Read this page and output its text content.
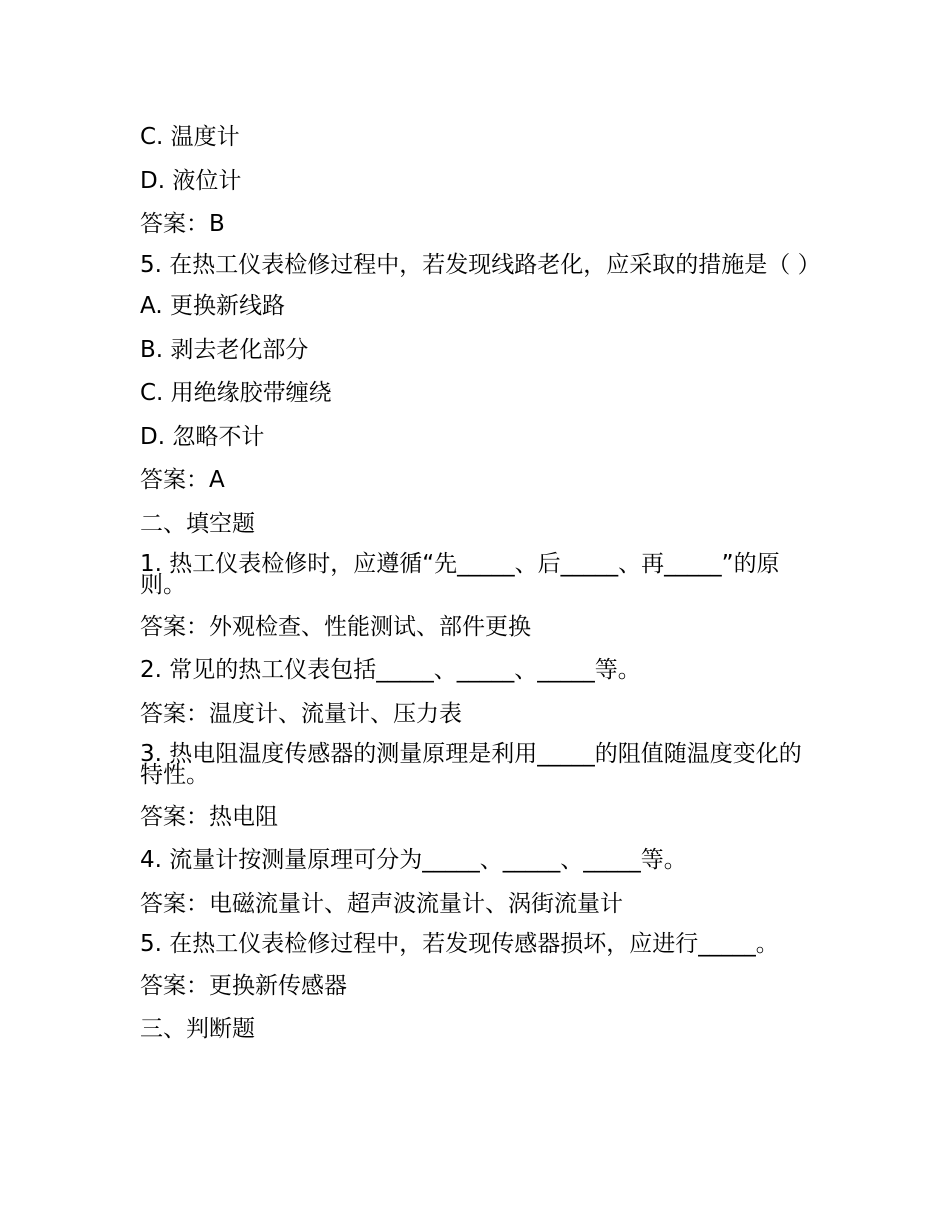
C. 温度计

D. 液位计

答案：B

5. 在热工仪表检修过程中，若发现线路老化，应采取的措施是（ ）

A. 更换新线路

B. 剥去老化部分

C. 用绝缘胶带缠绕

D. 忽略不计

答案：A

二、填空题

1. 热工仪表检修时，应遵循“先_____、后_____、再_____”的原则。

答案：外观检查、性能测试、部件更换

2. 常见的热工仪表包括_____、_____、_____等。

答案：温度计、流量计、压力表

3. 热电阻温度传感器的测量原理是利用_____的阻值随温度变化的特性。

答案：热电阻

4. 流量计按测量原理可分为_____、_____、_____等。

答案：电磁流量计、超声波流量计、涡街流量计

5. 在热工仪表检修过程中，若发现传感器损坏，应进行_____。

答案：更换新传感器

三、判断题
